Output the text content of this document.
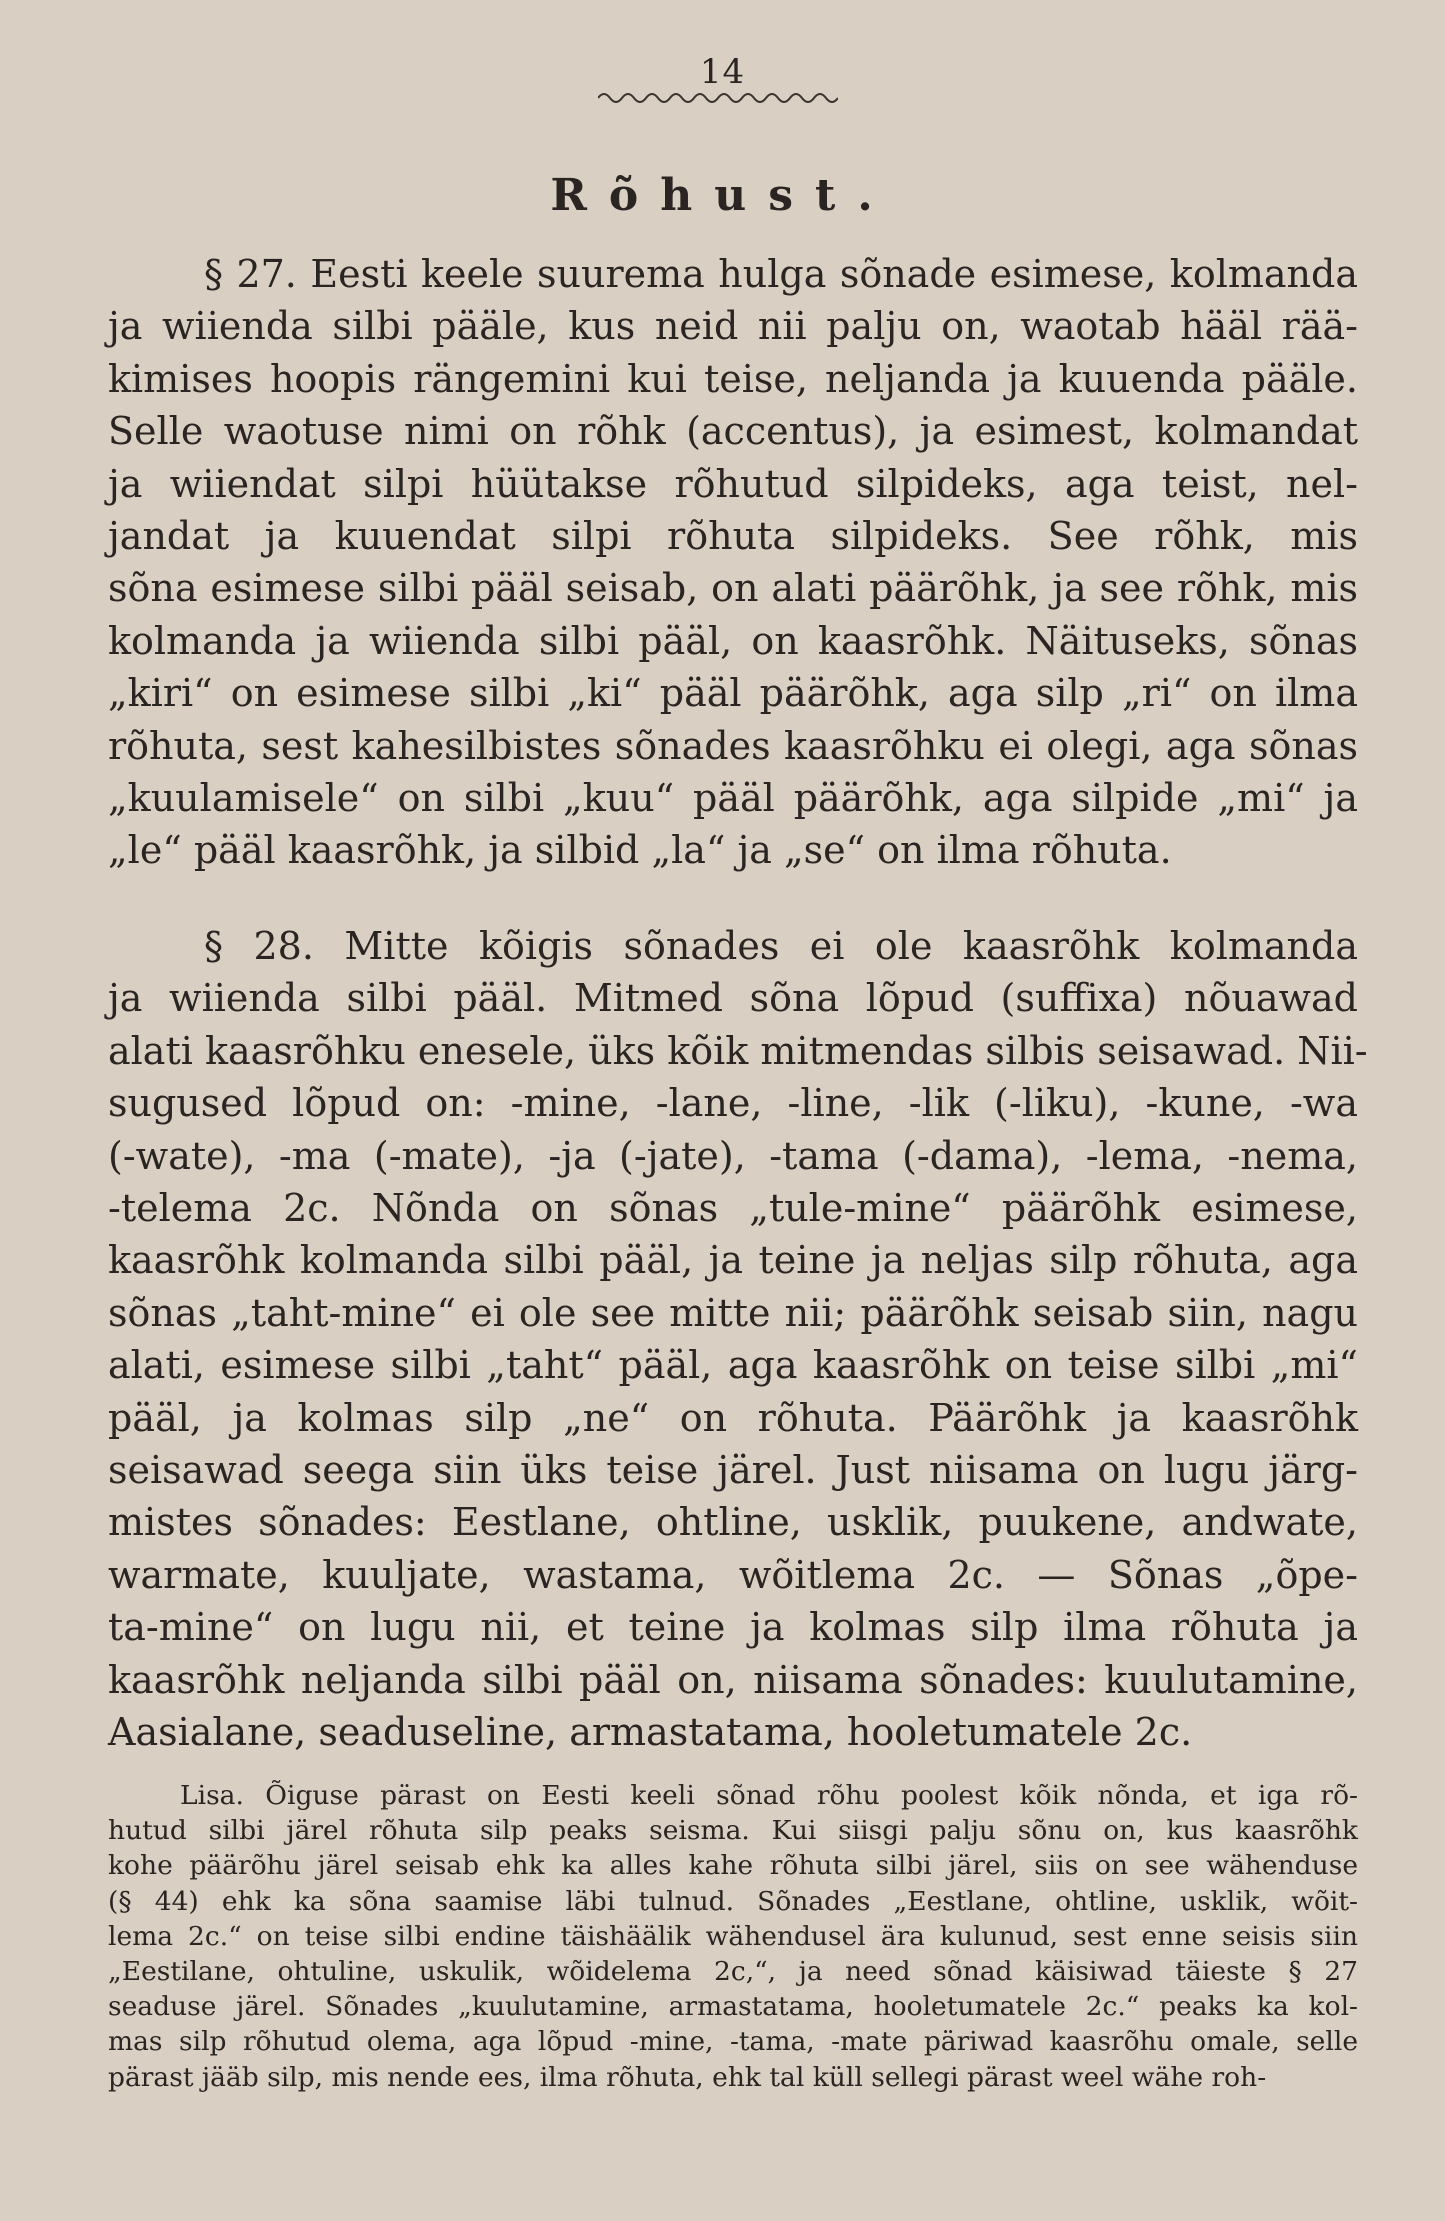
14
Rõhust.
§ 27. Eesti keele suurema hulga sõnade esimese, kolmanda
ja wiienda silbi pääle, kus neid nii palju on, waotab hääl rää-
kimises hoopis rängemini kui teise, neljanda ja kuuenda pääle.
Selle waotuse nimi on rõhk (accentus), ja esimest, kolmandat
ja wiiendat silpi hüütakse rõhutud silpideks, aga teist, nel-
jandat ja kuuendat silpi rõhuta silpideks. See rõhk, mis
sõna esimese silbi pääl seisab, on alati päärõhk, ja see rõhk, mis
kolmanda ja wiienda silbi pääl, on kaasrõhk. Näituseks, sõnas
„kiri“ on esimese silbi „ki“ pääl päärõhk, aga silp „ri“ on ilma
rõhuta, sest kahesilbistes sõnades kaasrõhku ei olegi, aga sõnas
„kuulamisele“ on silbi „kuu“ pääl päärõhk, aga silpide „mi“ ja
„le“ pääl kaasrõhk, ja silbid „la“ ja „se“ on ilma rõhuta.
§ 28. Mitte kõigis sõnades ei ole kaasrõhk kolmanda
ja wiienda silbi pääl. Mitmed sõna lõpud (suffixa) nõuawad
alati kaasrõhku enesele, üks kõik mitmendas silbis seisawad. Nii-
sugused lõpud on: -mine, -lane, -line, -lik (-liku), -kune, -wa
(-wate), -ma (-mate), -ja (-jate), -tama (-dama), -lema, -nema,
-telema 2c. Nõnda on sõnas „tule-mine“ päärõhk esimese,
kaasrõhk kolmanda silbi pääl, ja teine ja neljas silp rõhuta, aga
sõnas „taht-mine“ ei ole see mitte nii; päärõhk seisab siin, nagu
alati, esimese silbi „taht“ pääl, aga kaasrõhk on teise silbi „mi“
pääl, ja kolmas silp „ne“ on rõhuta. Päärõhk ja kaasrõhk
seisawad seega siin üks teise järel. Just niisama on lugu järg-
mistes sõnades: Eestlane, ohtline, usklik, puukene, andwate,
warmate, kuuljate, wastama, wõitlema 2c. — Sõnas „õpe-
ta-mine“ on lugu nii, et teine ja kolmas silp ilma rõhuta ja
kaasrõhk neljanda silbi pääl on, niisama sõnades: kuulutamine,
Aasialane, seaduseline, armastatama, hooletumatele 2c.
Lisa. Õiguse pärast on Eesti keeli sõnad rõhu poolest kõik nõnda, et iga rõ-
hutud silbi järel rõhuta silp peaks seisma. Kui siisgi palju sõnu on, kus kaasrõhk
kohe päärõhu järel seisab ehk ka alles kahe rõhuta silbi järel, siis on see wähenduse
(§ 44) ehk ka sõna saamise läbi tulnud. Sõnades „Eestlane, ohtline, usklik, wõit-
lema 2c.“ on teise silbi endine täishäälik wähendusel ära kulunud, sest enne seisis siin
„Eestilane, ohtuline, uskulik, wõidelema 2c,“, ja need sõnad käisiwad täieste § 27
seaduse järel. Sõnades „kuulutamine, armastatama, hooletumatele 2c.“ peaks ka kol-
mas silp rõhutud olema, aga lõpud -mine, -tama, -mate päriwad kaasrõhu omale, selle
pärast jääb silp, mis nende ees, ilma rõhuta, ehk tal küll sellegi pärast weel wähe roh-
